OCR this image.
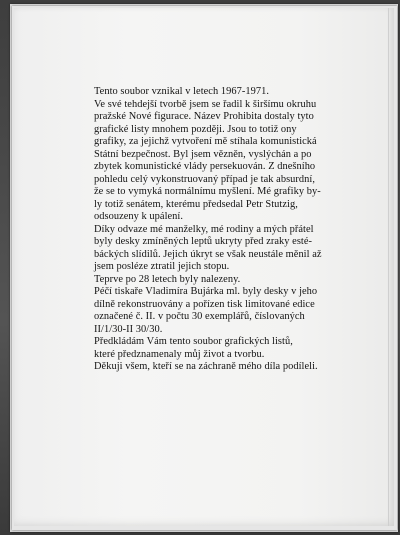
Tento soubor vznikal v letech 1967-1971.
Ve své tehdejší tvorbě jsem se řadil k širšímu okruhu
pražské Nové figurace. Název Prohibita dostaly tyto
grafické listy mnohem později. Jsou to totiž ony
grafiky, za jejichž vytvoření mě stíhala komunistická
Státní bezpečnost. Byl jsem vězněn, vyslýchán a po
zbytek komunistické vlády persekuován. Z dnešního
pohledu celý vykonstruovaný případ je tak absurdní,
že se to vymyká normálnímu myšlení. Mé grafiky by-
ly totiž senátem, kterému předsedal Petr Stutzig,
odsouzeny k upálení.
Díky odvaze mé manželky, mé rodiny a mých přátel
byly desky zmíněných leptů ukryty před zraky esté-
báckých slídilů. Jejich úkryt se však neustále měnil až
jsem posléze ztratil jejich stopu.
Teprve po 28 letech byly nalezeny.
Péčí tiskaře Vladimíra Bujárka ml. byly desky v jeho
dílně rekonstruovány a pořízen tisk limitované edice
označené č. II. v počtu 30 exemplářů, číslovaných
II/1/30-II 30/30.
Předkládám Vám tento soubor grafických listů,
které předznamenaly můj život a tvorbu.
Děkuji všem, kteří se na záchraně mého díla podíleli.
